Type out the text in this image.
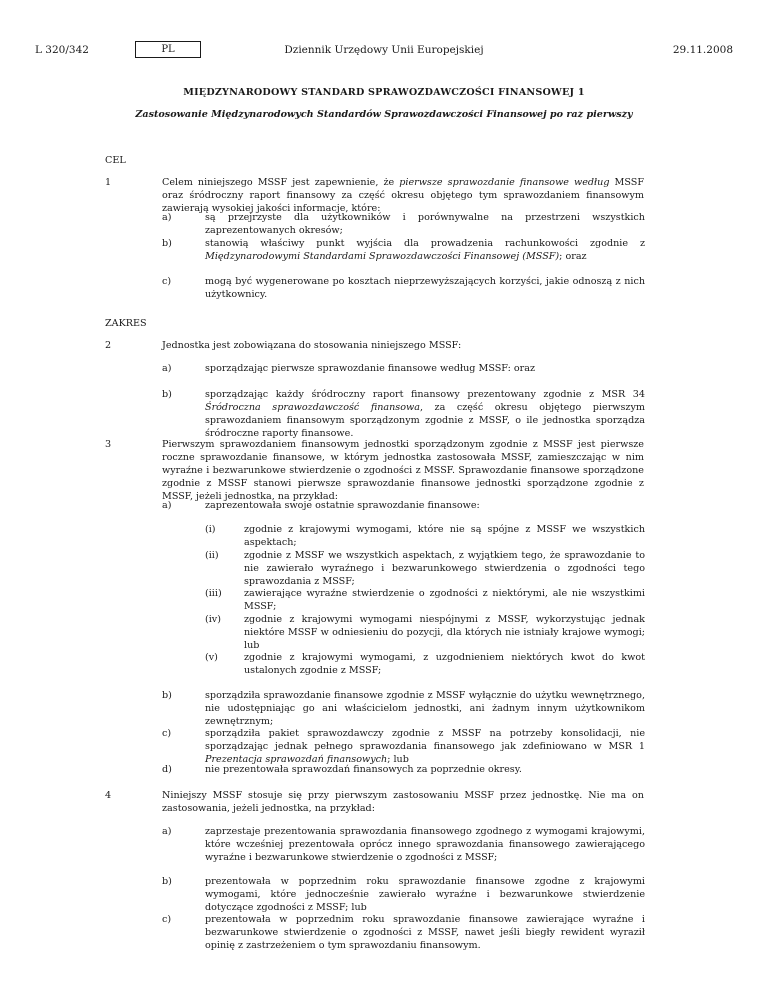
L 320/342	PL	Dziennik Urzędowy Unii Europejskiej	29.11.2008
MIĘDZYNARODOWY STANDARD SPRAWOZDAWCZOŚCI FINANSOWEJ 1
Zastosowanie Międzynarodowych Standardów Sprawozdawczości Finansowej po raz pierwszy
CEL
1	Celem niniejszego MSSF jest zapewnienie, że pierwsze sprawozdanie finansowe według MSSF oraz śródroczny raport finansowy za część okresu objętego tym sprawozdaniem finansowym zawierają wysokiej jakości informacje, które:
a)	są przejrzyste dla użytkowników i porównywalne na przestrzeni wszystkich zaprezentowanych okresów;
b)	stanowią właściwy punkt wyjścia dla prowadzenia rachunkowości zgodnie z Międzynarodowymi Standardami Sprawozdawczości Finansowej (MSSF); oraz
c)	mogą być wygenerowane po kosztach nieprzewyższających korzyści, jakie odnoszą z nich użytkownicy.
ZAKRES
2	Jednostka jest zobowiązana do stosowania niniejszego MSSF:
a)	sporządzając pierwsze sprawozdanie finansowe według MSSF: oraz
b)	sporządzając każdy śródroczny raport finansowy prezentowany zgodnie z MSR 34 Śródroczna sprawozdawczość finansowa, za część okresu objętego pierwszym sprawozdaniem finansowym sporządzonym zgodnie z MSSF, o ile jednostka sporządza śródroczne raporty finansowe.
3	Pierwszym sprawozdaniem finansowym jednostki sporządzonym zgodnie z MSSF jest pierwsze roczne sprawozdanie finansowe, w którym jednostka zastosowała MSSF, zamieszczając w nim wyraźne i bezwarunkowe stwierdzenie o zgodności z MSSF. Sprawozdanie finansowe sporządzone zgodnie z MSSF stanowi pierwsze sprawozdanie finansowe jednostki sporządzone zgodnie z MSSF, jeżeli jednostka, na przykład:
a)	zaprezentowała swoje ostatnie sprawozdanie finansowe:
(i)	zgodnie z krajowymi wymogami, które nie są spójne z MSSF we wszystkich aspektach;
(ii)	zgodnie z MSSF we wszystkich aspektach, z wyjątkiem tego, że sprawozdanie to nie zawierało wyraźnego i bezwarunkowego stwierdzenia o zgodności tego sprawozdania z MSSF;
(iii) zawierające wyraźne stwierdzenie o zgodności z niektórymi, ale nie wszystkimi MSSF;
(iv) zgodnie z krajowymi wymogami niespójnymi z MSSF, wykorzystując jednak niektóre MSSF w odniesieniu do pozycji, dla których nie istniały krajowe wymogi; lub
(v)	zgodnie z krajowymi wymogami, z uzgodnieniem niektórych kwot do kwot ustalonych zgodnie z MSSF;
b)	sporządziła sprawozdanie finansowe zgodnie z MSSF wyłącznie do użytku wewnętrznego, nie udostępniając go ani właścicielom jednostki, ani żadnym innym użytkownikom zewnętrznym;
c)	sporządziła pakiet sprawozdawczy zgodnie z MSSF na potrzeby konsolidacji, nie sporządzając jednak pełnego sprawozdania finansowego jak zdefiniowano w MSR 1 Prezentacja sprawozdań finansowych; lub
d)	nie prezentowała sprawozdań finansowych za poprzednie okresy.
4	Niniejszy MSSF stosuje się przy pierwszym zastosowaniu MSSF przez jednostkę. Nie ma on zastosowania, jeżeli jednostka, na przykład:
a)	zaprzestaje prezentowania sprawozdania finansowego zgodnego z wymogami krajowymi, które wcześniej prezentowała oprócz innego sprawozdania finansowego zawierającego wyraźne i bezwarunkowe stwierdzenie o zgodności z MSSF;
b)	prezentowała w poprzednim roku sprawozdanie finansowe zgodne z krajowymi wymogami, które jednocześnie zawierało wyraźne i bezwarunkowe stwierdzenie dotyczące zgodności z MSSF; lub
c)	prezentowała w poprzednim roku sprawozdanie finansowe zawierające wyraźne i bezwarunkowe stwierdzenie o zgodności z MSSF, nawet jeśli biegły rewident wyraził opinię z zastrzeżeniem o tym sprawozdaniu finansowym.
